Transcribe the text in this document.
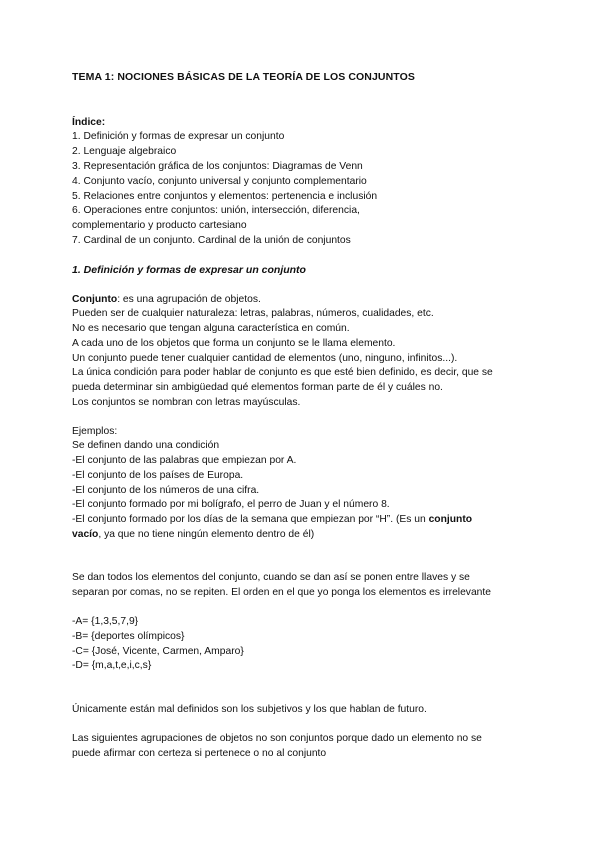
TEMA 1: NOCIONES BÁSICAS DE LA TEORÍA DE LOS CONJUNTOS
Índice:
1. Definición y formas de expresar un conjunto
2. Lenguaje algebraico
3. Representación gráfica de los conjuntos: Diagramas de Venn
4. Conjunto vacío, conjunto universal y conjunto complementario
5. Relaciones entre conjuntos y elementos: pertenencia e inclusión
6. Operaciones entre conjuntos: unión, intersección, diferencia,
complementario y producto cartesiano
7. Cardinal de un conjunto. Cardinal de la unión de conjuntos
1. Definición y formas de expresar un conjunto
Conjunto: es una agrupación de objetos.
Pueden ser de cualquier naturaleza: letras, palabras, números, cualidades, etc.
No es necesario que tengan alguna característica en común.
A cada uno de los objetos que forma un conjunto se le llama elemento.
Un conjunto puede tener cualquier cantidad de elementos (uno, ninguno, infinitos...).
La única condición para poder hablar de conjunto es que esté bien definido, es decir, que se
pueda determinar sin ambigüedad qué elementos forman parte de él y cuáles no.
Los conjuntos se nombran con letras mayúsculas.
Ejemplos:
Se definen dando una condición
-El conjunto de las palabras que empiezan por A.
-El conjunto de los países de Europa.
-El conjunto de los números de una cifra.
-El conjunto formado por mi bolígrafo, el perro de Juan y el número 8.
-El conjunto formado por los días de la semana que empiezan por “H”. (Es un conjunto
vacío, ya que no tiene ningún elemento dentro de él)
Se dan todos los elementos del conjunto, cuando se dan así se ponen entre llaves y se
separan por comas, no se repiten. El orden en el que yo ponga los elementos es irrelevante
-A= {1,3,5,7,9}
-B= {deportes olímpicos}
-C= {José, Vicente, Carmen, Amparo}
-D= {m,a,t,e,i,c,s}
Únicamente están mal definidos son los subjetivos y los que hablan de futuro.
Las siguientes agrupaciones de objetos no son conjuntos porque dado un elemento no se
puede afirmar con certeza si pertenece o no al conjunto
